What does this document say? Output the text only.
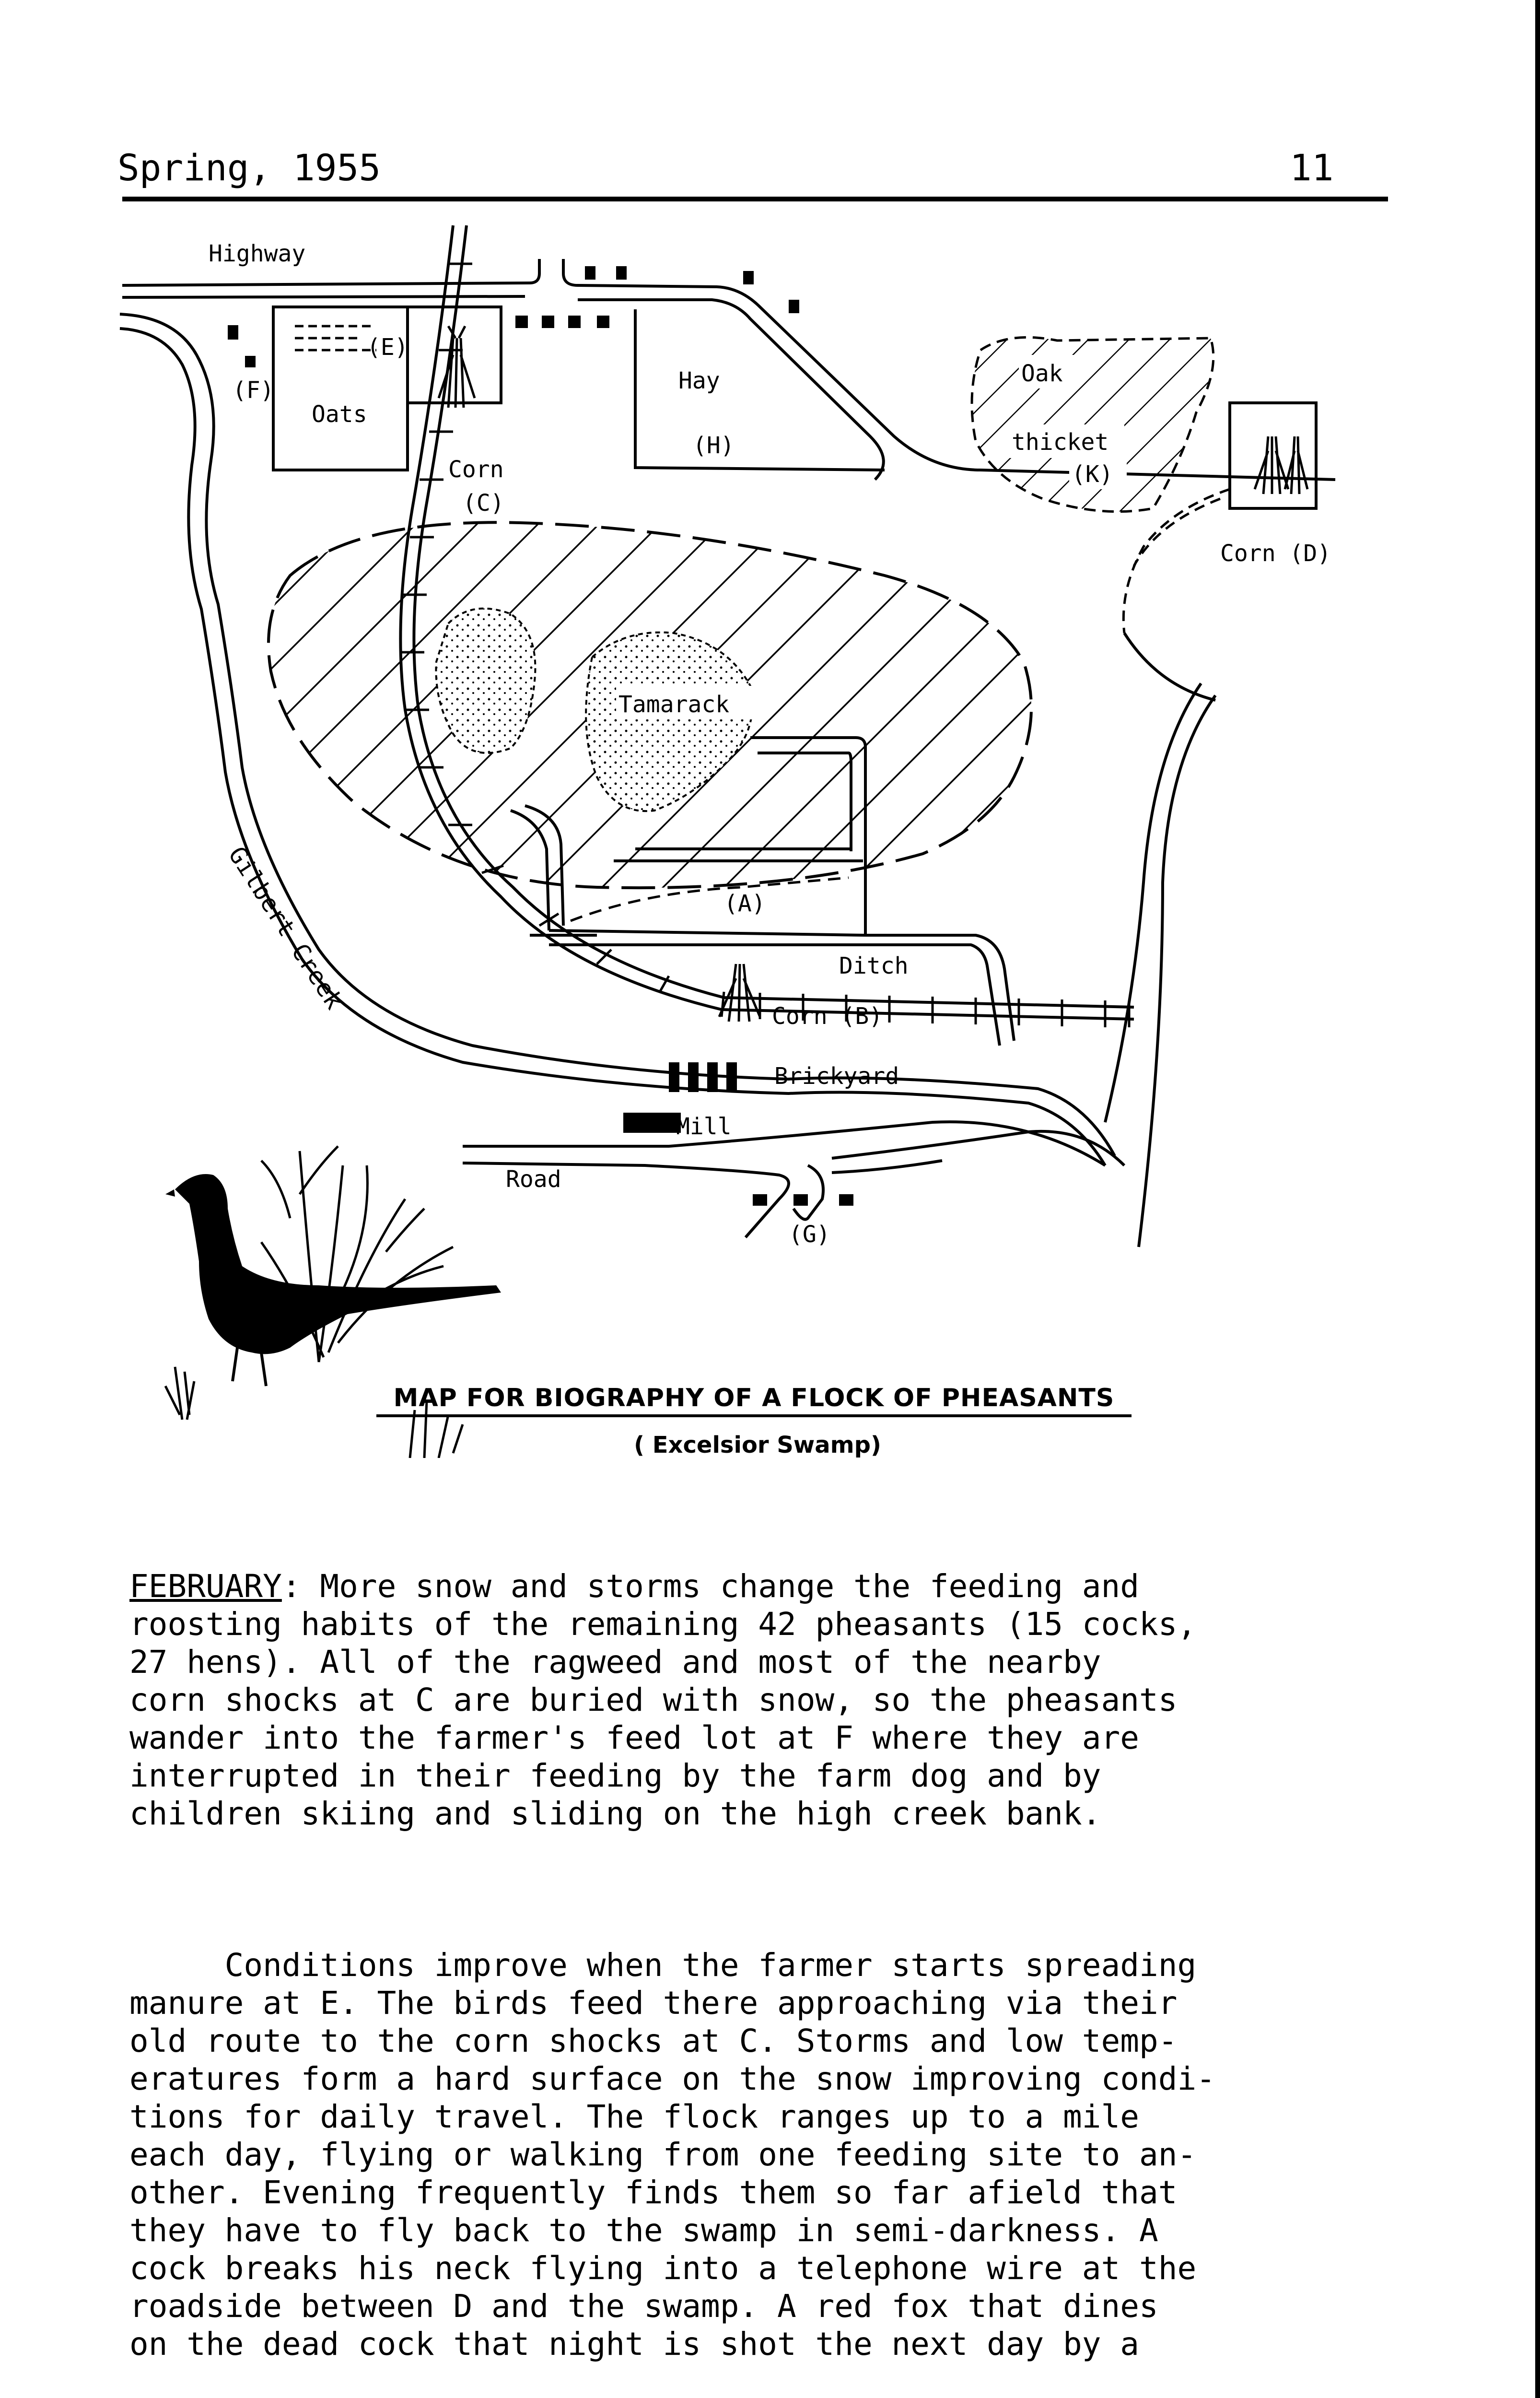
Spring, 1955	11
Highway
Gilbert Creek
(E)
Oats
(F)
Corn
(C)
Hay
(H)
Oak
thicket
(K)
Corn (D)
Tamarack
(A)
Ditch
Corn (B)
Brickyard
Mill
Road
(G)
MAP FOR BIOGRAPHY OF A FLOCK OF PHEASANTS
( Excelsior Swamp)

FEBRUARY: More snow and storms change the feeding and
roosting habits of the remaining 42 pheasants (15 cocks,
27 hens). All of the ragweed and most of the nearby
corn shocks at C are buried with snow, so the pheasants
wander into the farmer's feed lot at F where they are
interrupted in their feeding by the farm dog and by
children skiing and sliding on the high creek bank.

Conditions improve when the farmer starts spreading
manure at E. The birds feed there approaching via their
old route to the corn shocks at C. Storms and low temp-
eratures form a hard surface on the snow improving condi-
tions for daily travel. The flock ranges up to a mile
each day, flying or walking from one feeding site to an-
other. Evening frequently finds them so far afield that
they have to fly back to the swamp in semi-darkness. A
cock breaks his neck flying into a telephone wire at the
roadside between D and the swamp. A red fox that dines
on the dead cock that night is shot the next day by a
